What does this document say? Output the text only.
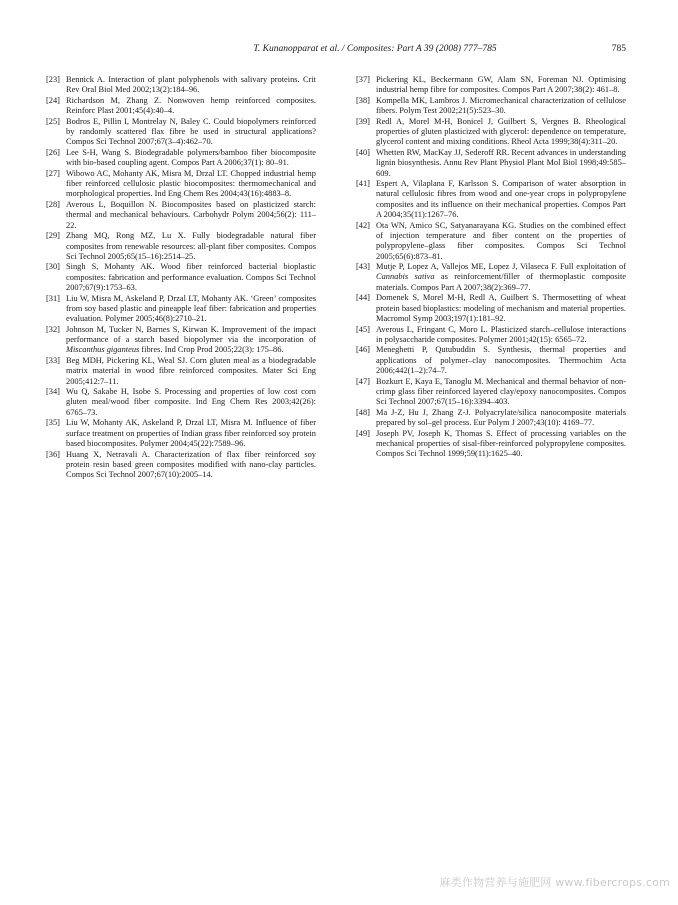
T. Kunanopparat et al. / Composites: Part A 39 (2008) 777–785	785
[23] Bennick A. Interaction of plant polyphenols with salivary proteins. Crit Rev Oral Biol Med 2002;13(2):184–96.
[24] Richardson M, Zhang Z. Nonwoven hemp reinforced composites. Reinforc Plast 2001;45(4):40–4.
[25] Bodros E, Pillin I, Montrelay N, Baley C. Could biopolymers reinforced by randomly scattered flax fibre be used in structural applications? Compos Sci Technol 2007;67(3–4):462–70.
[26] Lee S-H, Wang S. Biodegradable polymers/bamboo fiber biocomposite with bio-based coupling agent. Compos Part A 2006;37(1): 80–91.
[27] Wibowo AC, Mohanty AK, Misra M, Drzal LT. Chopped industrial hemp fiber reinforced cellulosic plastic biocomposites: thermomechanical and morphological properties. Ind Eng Chem Res 2004;43(16):4883–8.
[28] Averous L, Boquillon N. Biocomposites based on plasticized starch: thermal and mechanical behaviours. Carbohydr Polym 2004;56(2): 111–22.
[29] Zhang MQ, Rong MZ, Lu X. Fully biodegradable natural fiber composites from renewable resources: all-plant fiber composites. Compos Sci Technol 2005;65(15–16):2514–25.
[30] Singh S, Mohanty AK. Wood fiber reinforced bacterial bioplastic composites: fabrication and performance evaluation. Compos Sci Technol 2007;67(9):1753–63.
[31] Liu W, Misra M, Askeland P, Drzal LT, Mohanty AK. ‘Green’ composites from soy based plastic and pineapple leaf fiber: fabrication and properties evaluation. Polymer 2005;46(8):2710–21.
[32] Johnson M, Tucker N, Barnes S, Kirwan K. Improvement of the impact performance of a starch based biopolymer via the incorporation of Miscanthus giganteus fibres. Ind Crop Prod 2005;22(3): 175–86.
[33] Beg MDH, Pickering KL, Weal SJ. Corn gluten meal as a biodegradable matrix material in wood fibre reinforced composites. Mater Sci Eng 2005;412:7–11.
[34] Wu Q, Sakabe H, Isobe S. Processing and properties of low cost corn gluten meal/wood fiber composite. Ind Eng Chem Res 2003;42(26): 6765–73.
[35] Liu W, Mohanty AK, Askeland P, Drzal LT, Misra M. Influence of fiber surface treatment on properties of Indian grass fiber reinforced soy protein based biocomposites. Polymer 2004;45(22):7589–96.
[36] Huang X, Netravali A. Characterization of flax fiber reinforced soy protein resin based green composites modified with nano-clay particles. Compos Sci Technol 2007;67(10):2005–14.
[37] Pickering KL, Beckermann GW, Alam SN, Foreman NJ. Optimising industrial hemp fibre for composites. Compos Part A 2007;38(2): 461–8.
[38] Kompella MK, Lambros J. Micromechanical characterization of cellulose fibers. Polym Test 2002;21(5):523–30.
[39] Redl A, Morel M-H, Bonicel J, Guilbert S, Vergnes B. Rheological properties of gluten plasticized with glycerol: dependence on temperature, glycerol content and mixing conditions. Rheol Acta 1999;38(4):311–20.
[40] Whetten RW, MacKay JJ, Sederoff RR. Recent advances in understanding lignin biosynthesis. Annu Rev Plant Physiol Plant Mol Biol 1998;49:585–609.
[41] Espert A, Vilaplana F, Karlsson S. Comparison of water absorption in natural cellulosic fibres from wood and one-year crops in polypropylene composites and its influence on their mechanical properties. Compos Part A 2004;35(11):1267–76.
[42] Ota WN, Amico SC, Satyanarayana KG. Studies on the combined effect of injection temperature and fiber content on the properties of polypropylene–glass fiber composites. Compos Sci Technol 2005;65(6):873–81.
[43] Mutje P, Lopez A, Vallejos ME, Lopez J, Vilaseca F. Full exploitation of Cannabis sativa as reinforcement/filler of thermoplastic composite materials. Compos Part A 2007;38(2):369–77.
[44] Domenek S, Morel M-H, Redl A, Guilbert S. Thermosetting of wheat protein based bioplastics: modeling of mechanism and material properties. Macromol Symp 2003;197(1):181–92.
[45] Averous L, Fringant C, Moro L. Plasticized starch–cellulose interactions in polysaccharide composites. Polymer 2001;42(15): 6565–72.
[46] Meneghetti P, Qutubuddin S. Synthesis, thermal properties and applications of polymer–clay nanocomposites. Thermochim Acta 2006;442(1–2):74–7.
[47] Bozkurt E, Kaya E, Tanoglu M. Mechanical and thermal behavior of non-crimp glass fiber reinforced layered clay/epoxy nanocomposites. Compos Sci Technol 2007;67(15–16):3394–403.
[48] Ma J-Z, Hu J, Zhang Z-J. Polyacrylate/silica nanocomposite materials prepared by sol–gel process. Eur Polym J 2007;43(10): 4169–77.
[49] Joseph PV, Joseph K, Thomas S. Effect of processing variables on the mechanical properties of sisal-fiber-reinforced polypropylene composites. Compos Sci Technol 1999;59(11):1625–40.
麻类作物营养与施肥网 www.fibercrops.com
